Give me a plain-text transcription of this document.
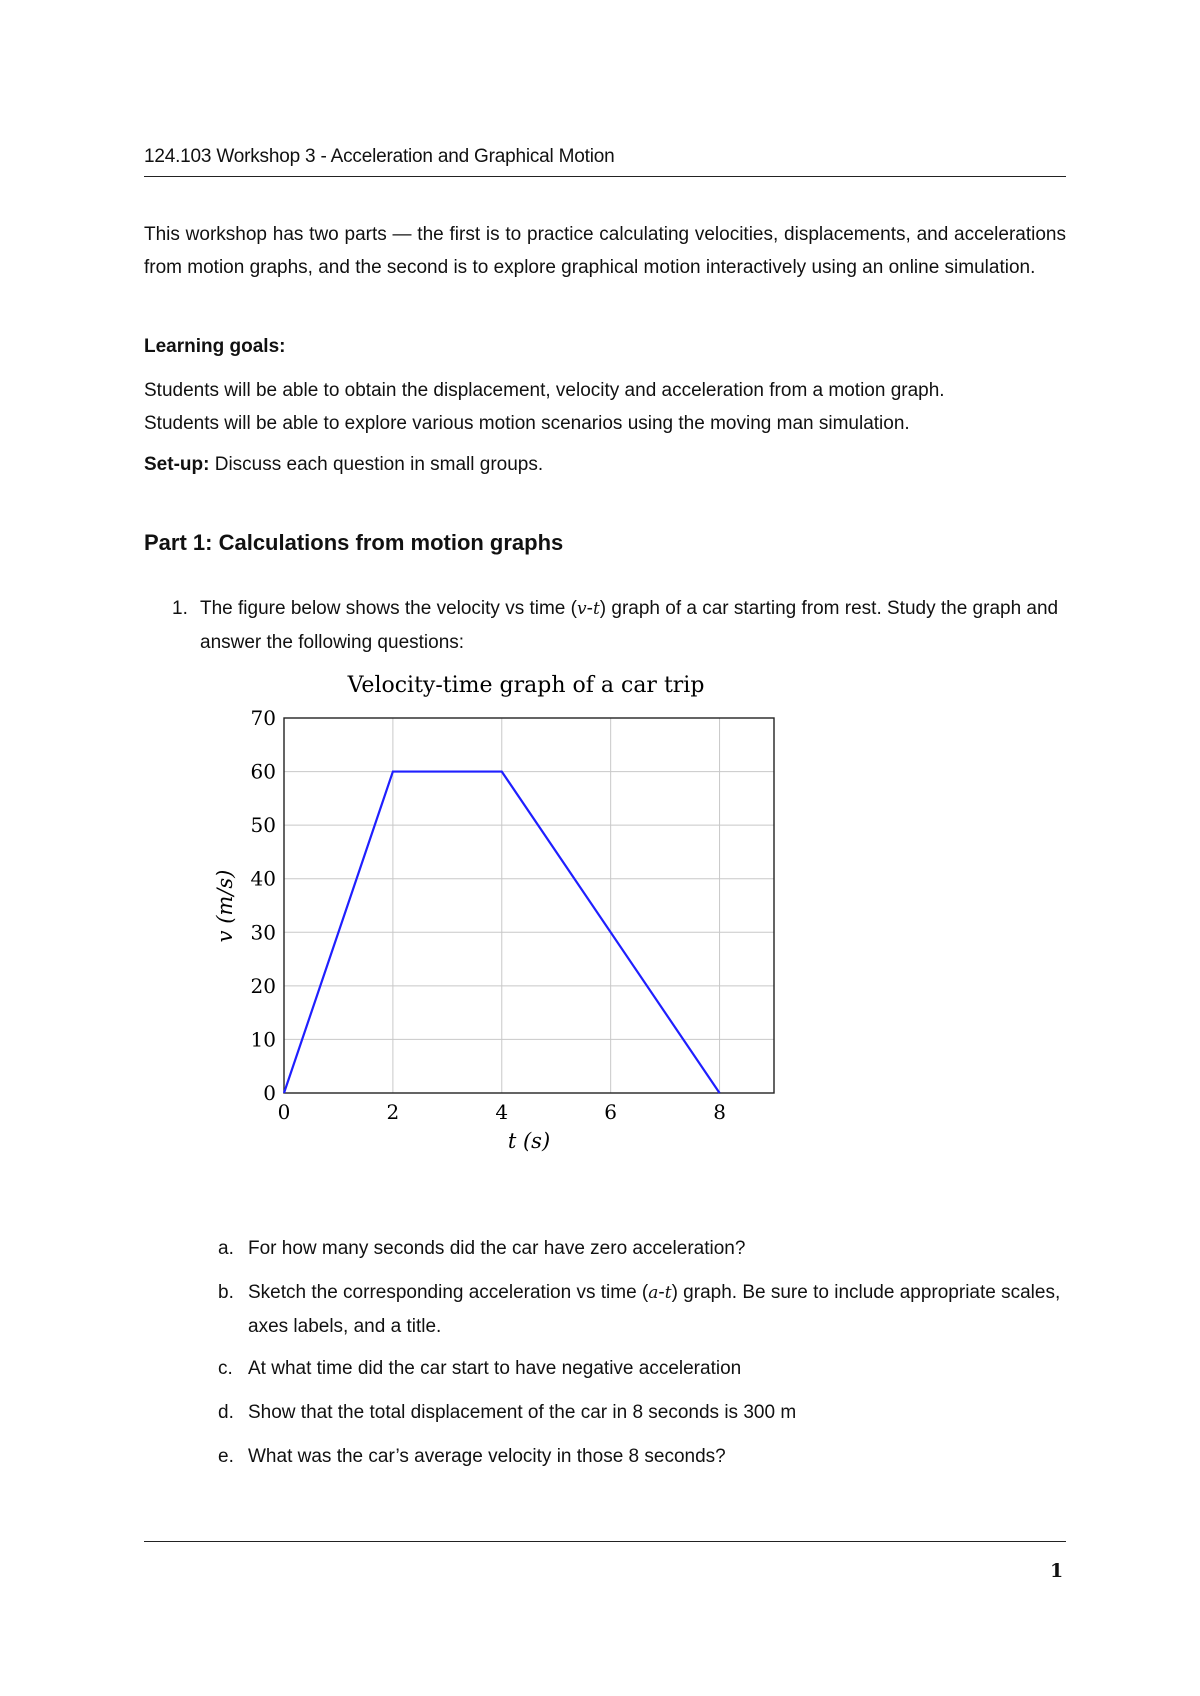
124.103 Workshop 3 - Acceleration and Graphical Motion
This workshop has two parts — the first is to practice calculating velocities, displacements, and accelerations from motion graphs, and the second is to explore graphical motion interactively using an online simulation.
Learning goals:
Students will be able to obtain the displacement, velocity and acceleration from a motion graph.
Students will be able to explore various motion scenarios using the moving man simulation.
Set-up: Discuss each question in small groups.
Part 1: Calculations from motion graphs
1. The figure below shows the velocity vs time (v-t) graph of a car starting from rest. Study the graph and answer the following questions:
Velocity-time graph of a car trip
0
10
20
30
40
50
60
70
0	2	4	6	8
t (s)
v (m/s)
a. For how many seconds did the car have zero acceleration?
b. Sketch the corresponding acceleration vs time (a-t) graph. Be sure to include appropriate scales, axes labels, and a title.
c. At what time did the car start to have negative acceleration
d. Show that the total displacement of the car in 8 seconds is 300 m
e. What was the car’s average velocity in those 8 seconds?
1
